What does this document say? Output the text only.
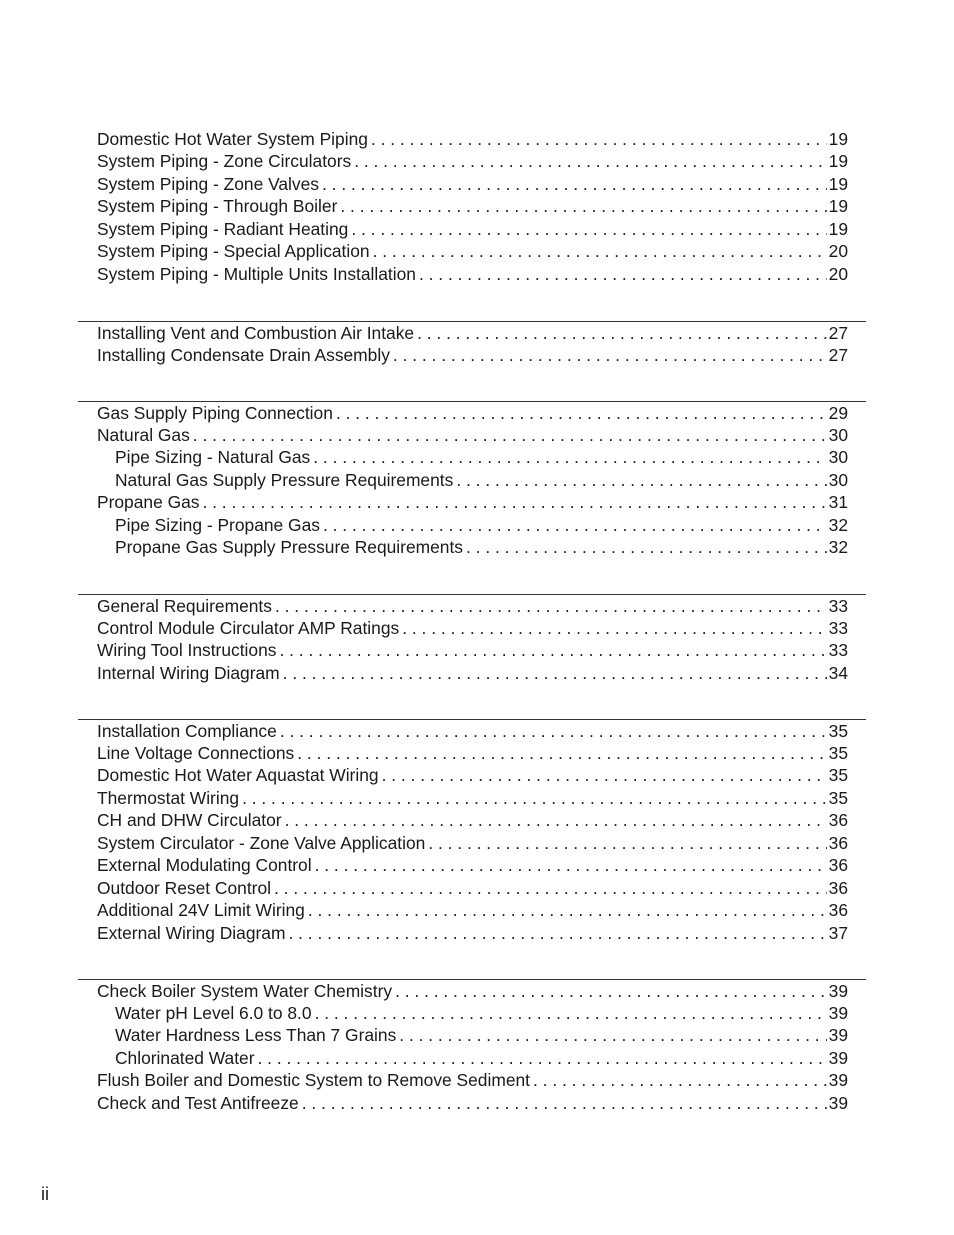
Domestic Hot Water System Piping . . .	19
System Piping - Zone Circulators . . .	19
System Piping - Zone Valves . . .	19
System Piping - Through Boiler . . .	19
System Piping - Radiant Heating . . .	19
System Piping - Special Application . . .	20
System Piping - Multiple Units Installation . . .	20
Installing Vent and Combustion Air Intake . . .	27
Installing Condensate Drain Assembly . . .	27
Gas Supply Piping Connection . . .	29
Natural Gas . . .	30
Pipe Sizing - Natural Gas . . .	30
Natural Gas Supply Pressure Requirements . . .	30
Propane Gas . . .	31
Pipe Sizing - Propane Gas . . .	32
Propane Gas Supply Pressure Requirements . . .	32
General Requirements . . .	33
Control Module Circulator AMP Ratings . . .	33
Wiring Tool Instructions . . .	33
Internal Wiring Diagram . . .	34
Installation Compliance . . .	35
Line Voltage Connections . . .	35
Domestic Hot Water Aquastat Wiring . . .	35
Thermostat Wiring . . .	35
CH and DHW Circulator . . .	36
System Circulator - Zone Valve Application . . .	36
External Modulating Control . . .	36
Outdoor Reset Control . . .	36
Additional 24V Limit Wiring . . .	36
External Wiring Diagram . . .	37
Check Boiler System Water Chemistry . . .	39
Water pH Level 6.0 to 8.0 . . .	39
Water Hardness Less Than 7 Grains . . .	39
Chlorinated Water . . .	39
Flush Boiler and Domestic System to Remove Sediment . . .	39
Check and Test Antifreeze . . .	39
ii
